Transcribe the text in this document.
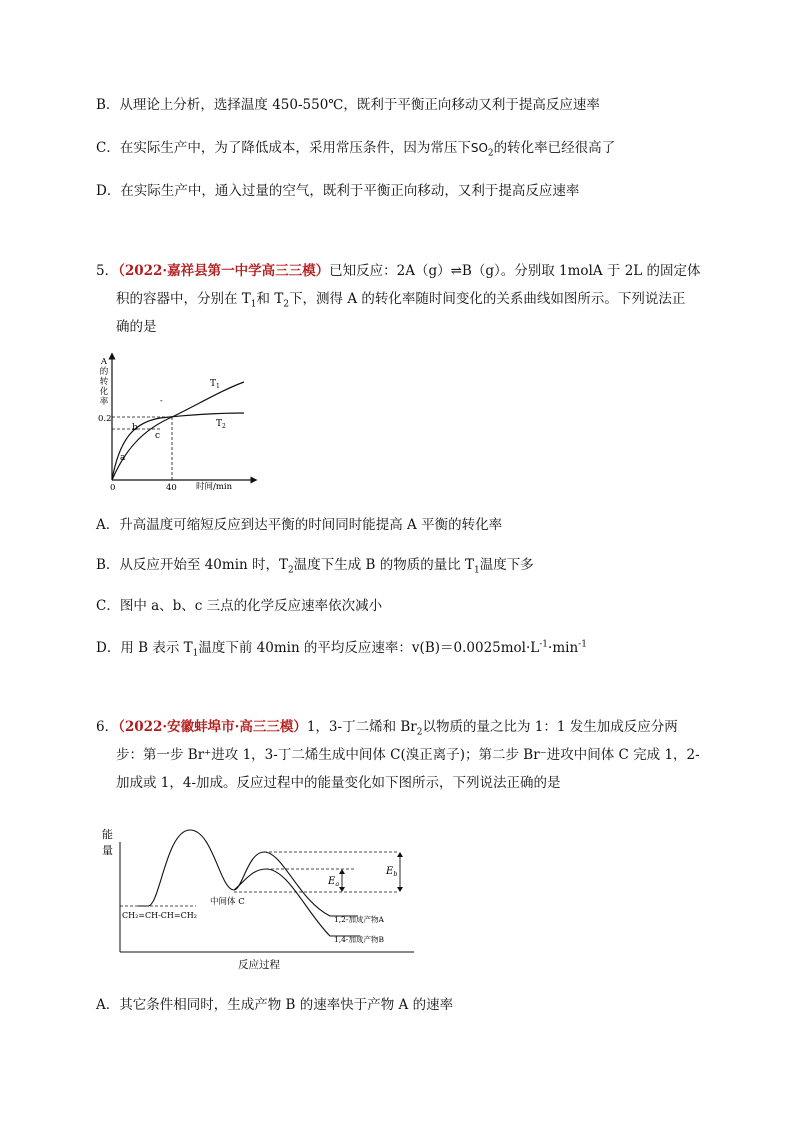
B．从理论上分析，选择温度 450-550℃，既利于平衡正向移动又利于提高反应速率
C．在实际生产中，为了降低成本，采用常压条件，因为常压下$SO_2$的转化率已经很高了
D．在实际生产中，通入过量的空气，既利于平衡正向移动，又利于提高反应速率
5．（2022·嘉祥县第一中学高三三模）已知反应：2A（g）⇌B（g）。分别取 1molA 于 2L 的固定体
积的容器中，分别在 $T_1$和 $T_2$下，测得 A 的转化率随时间变化的关系曲线如图所示。下列说法正
确的是
A
的
转
化
率
0.2
0	40 时间/min
$T_1$
$T_2$
a
b
c
-
A．升高温度可缩短反应到达平衡的时间同时能提高 A 平衡的转化率
B．从反应开始至 40min 时，$T_2$温度下生成 B 的物质的量比 $T_1$温度下多
C．图中 a、b、c 三点的化学反应速率依次减小
D．用 B 表示 $T_1$温度下前 40min 的平均反应速率：$v(B)=0.0025mol\cdot L^{-1}\cdot\min^{-1}$
6．（2022·安徽蚌埠市·高三三模）1，3-丁二烯和 $Br_2$以物质的量之比为 1：1 发生加成反应分两
步：第一步 Br⁺进攻 1，3-丁二烯生成中间体 C(溴正离子)；第二步 Br⁻进攻中间体 C 完成 1，2-
加成或 1，4-加成。反应过程中的能量变化如下图所示，下列说法正确的是
能
量
反应过程
CH₂=CH-CH=CH₂
中间体 C
$E_a$
$E_b$
1,2-加成产物A
1,4-加成产物B
A．其它条件相同时，生成产物 B 的速率快于产物 A 的速率
